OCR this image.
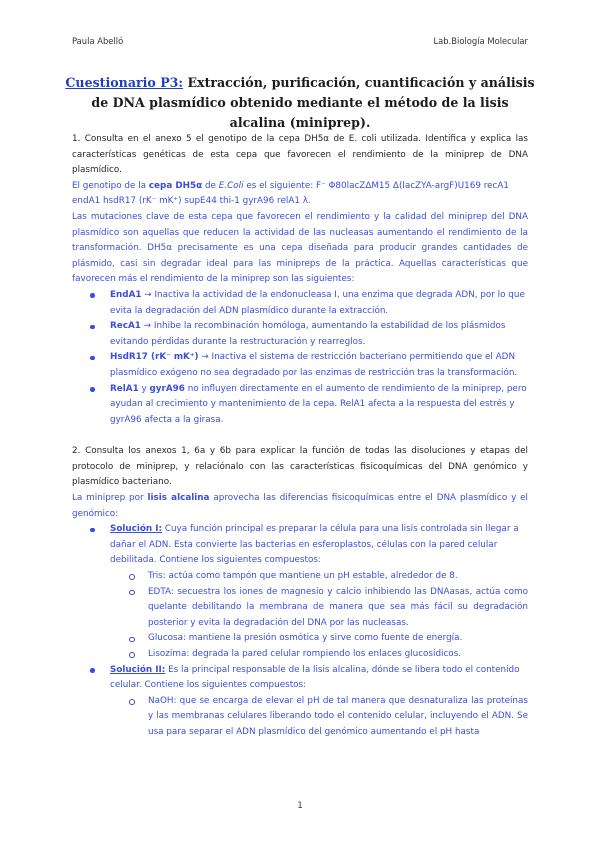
Paula Abelló	Lab.Biología Molecular
Cuestionario P3: Extracción, purificación, cuantificación y análisis de DNA plasmídico obtenido mediante el método de la lisis alcalina (miniprep).

1. Consulta en el anexo 5 el genotipo de la cepa DH5α de E. coli utilizada. Identifica y explica las características genéticas de esta cepa que favorecen el rendimiento de la miniprep de DNA plasmídico.

El genotipo de la cepa DH5α de E.Coli es el siguiente: F⁻ Φ80lacZΔM15 Δ(lacZYA-argF)U169 recA1 endA1 hsdR17 (rK⁻ mK⁺) supE44 thi-1 gyrA96 relA1 λ.

Las mutaciones clave de esta cepa que favorecen el rendimiento y la calidad del miniprep del DNA plasmídico son aquellas que reducen la actividad de las nucleasas aumentando el rendimiento de la transformación. DH5α precisamente es una cepa diseñada para producir grandes cantidades de plásmido, casi sin degradar ideal para las minipreps de la práctica. Aquellas características que favorecen más el rendimiento de la miniprep son las siguientes:

EndA1 → Inactiva la actividad de la endonucleasa I, una enzima que degrada ADN, por lo que evita la degradación del ADN plasmídico durante la extracción.
RecA1 → Inhibe la recombinación homóloga, aumentando la estabilidad de los plásmidos evitando pérdidas durante la restructuración y rearreglos.
HsdR17 (rK⁻ mK⁺) → Inactiva el sistema de restricción bacteriano permitiendo que el ADN plasmídico exógeno no sea degradado por las enzimas de restricción tras la transformación.
RelA1 y gyrA96 no influyen directamente en el aumento de rendimiento de la miniprep, pero ayudan al crecimiento y mantenimiento de la cepa. RelA1 afecta a la respuesta del estrés y gyrA96 afecta a la girasa.

2. Consulta los anexos 1, 6a y 6b para explicar la función de todas las disoluciones y etapas del protocolo de miniprep, y relaciónalo con las características fisicoquímicas del DNA genómico y plasmídico bacteriano.

La miniprep por lisis alcalina aprovecha las diferencias fisicoquímicas entre el DNA plasmídico y el genómico:

Solución I: Cuya función principal es preparar la célula para una lisis controlada sin llegar a dañar el ADN. Esta convierte las bacterias en esferoplastos, células con la pared celular debilitada. Contiene los siguientes compuestos:
Tris: actúa como tampón que mantiene un pH estable, alrededor de 8.
EDTA: secuestra los iones de magnesio y calcio inhibiendo las DNAasas, actúa como quelante debilitando la membrana de manera que sea más fácil su degradación posterior y evita la degradación del DNA por las nucleasas.
Glucosa: mantiene la presión osmótica y sirve como fuente de energía.
Lisozima: degrada la pared celular rompiendo los enlaces glucosídicos.
Solución II: Es la principal responsable de la lisis alcalina, dónde se libera todo el contenido celular. Contiene los siguientes compuestos:
NaOH: que se encarga de elevar el pH de tal manera que desnaturaliza las proteínas y las membranas celulares liberando todo el contenido celular, incluyendo el ADN. Se usa para separar el ADN plasmídico del genómico aumentando el pH hasta
1
